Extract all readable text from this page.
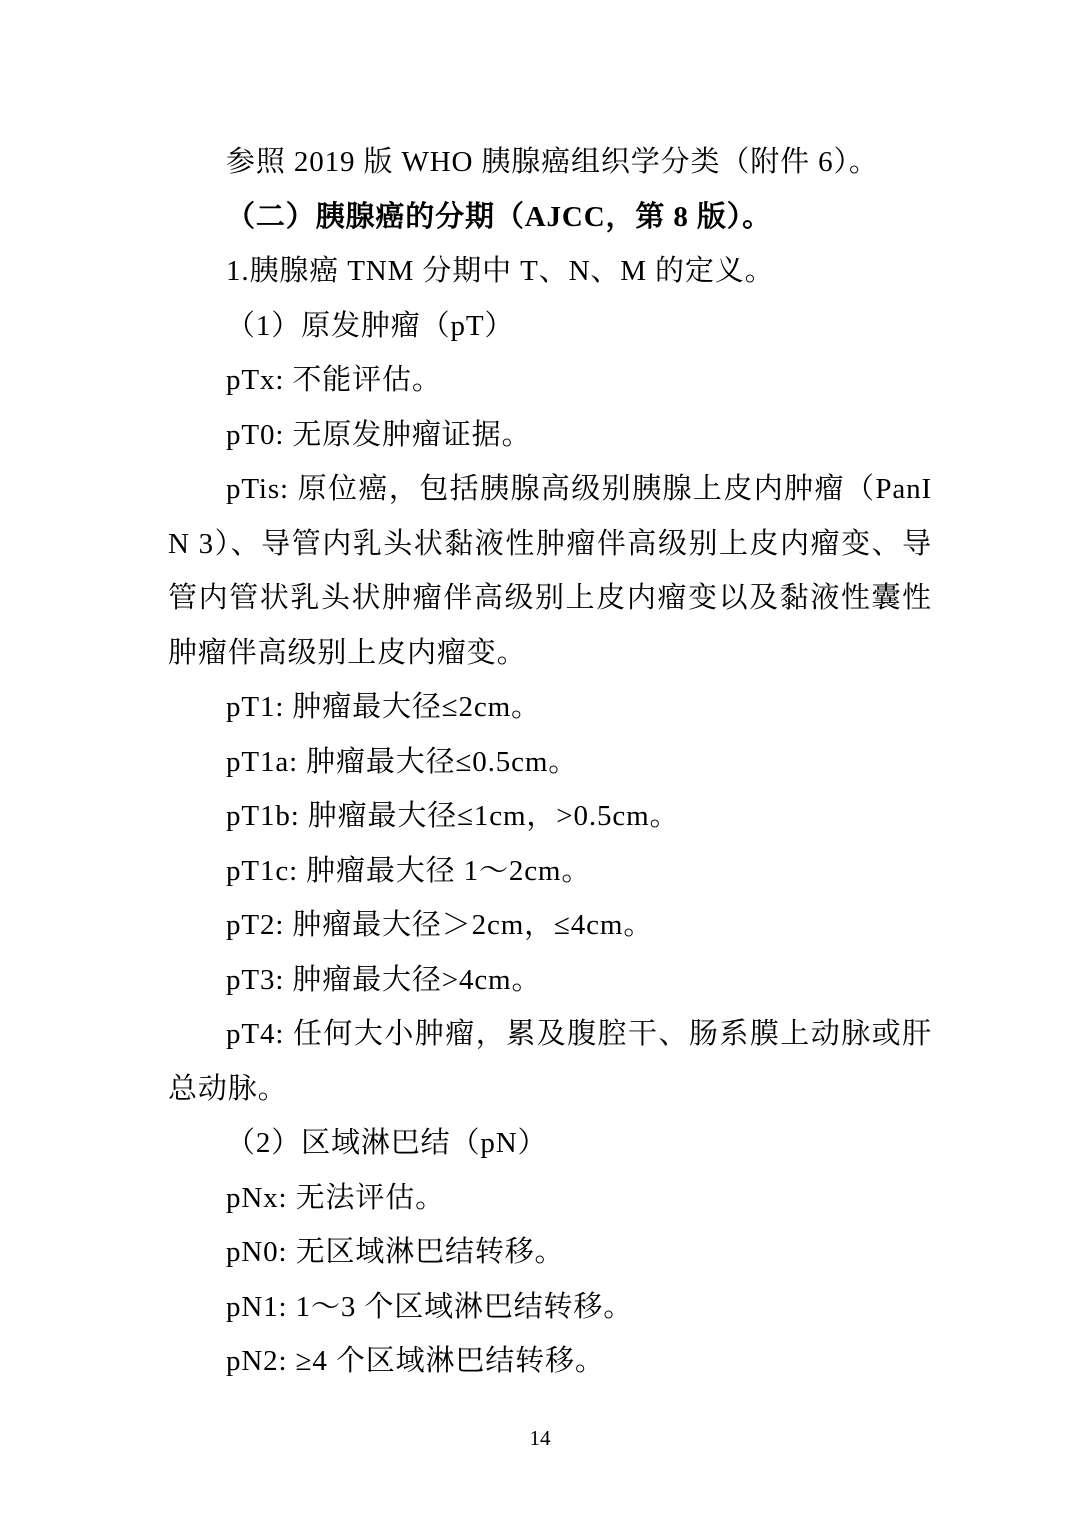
参照 2019 版 WHO 胰腺癌组织学分类（附件 6）。

（二）胰腺癌的分期（AJCC，第 8 版）。

1.胰腺癌 TNM 分期中 T、N、M 的定义。

（1）原发肿瘤（pT）

pTx: 不能评估。

pT0: 无原发肿瘤证据。

pTis: 原位癌，包括胰腺高级别胰腺上皮内肿瘤（PanIN 3）、导管内乳头状黏液性肿瘤伴高级别上皮内瘤变、导管内管状乳头状肿瘤伴高级别上皮内瘤变以及黏液性囊性肿瘤伴高级别上皮内瘤变。

pT1: 肿瘤最大径≤2cm。

pT1a: 肿瘤最大径≤0.5cm。

pT1b: 肿瘤最大径≤1cm，>0.5cm。

pT1c: 肿瘤最大径 1～2cm。

pT2: 肿瘤最大径＞2cm，≤4cm。

pT3: 肿瘤最大径>4cm。

pT4: 任何大小肿瘤，累及腹腔干、肠系膜上动脉或肝总动脉。

（2）区域淋巴结（pN）

pNx: 无法评估。

pN0: 无区域淋巴结转移。

pN1: 1～3 个区域淋巴结转移。

pN2: ≥4 个区域淋巴结转移。

14
